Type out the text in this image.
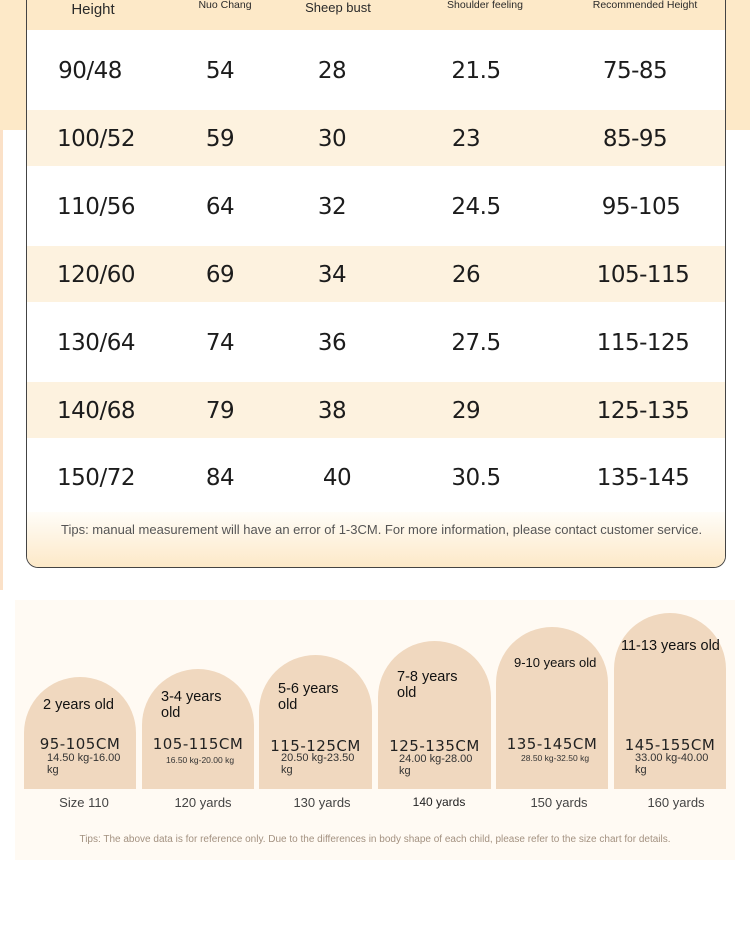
Height	Nuo Chang	Sheep bust	Shoulder feeling	Recommended Height
90/48	54	28	21.5	75-85
100/52	59	30	23	85-95
110/56	64	32	24.5	95-105
120/60	69	34	26	105-115
130/64	74	36	27.5	115-125
140/68	79	38	29	125-135
150/72	84	40	30.5	135-145
Tips: manual measurement will have an error of 1-3CM. For more information, please contact customer service.
2 years old
95-105CM
14.50 kg-16.00 kg
3-4 years old
105-115CM
16.50 kg-20.00 kg
5-6 years old
115-125CM
20.50 kg-23.50 kg
7-8 years old
125-135CM
24.00 kg-28.00 kg
9-10 years old
135-145CM
28.50 kg-32.50 kg
11-13 years old
145-155CM
33.00 kg-40.00 kg
Size 110	120 yards	130 yards	140 yards	150 yards	160 yards
Tips: The above data is for reference only. Due to the differences in body shape of each child, please refer to the size chart for details.
